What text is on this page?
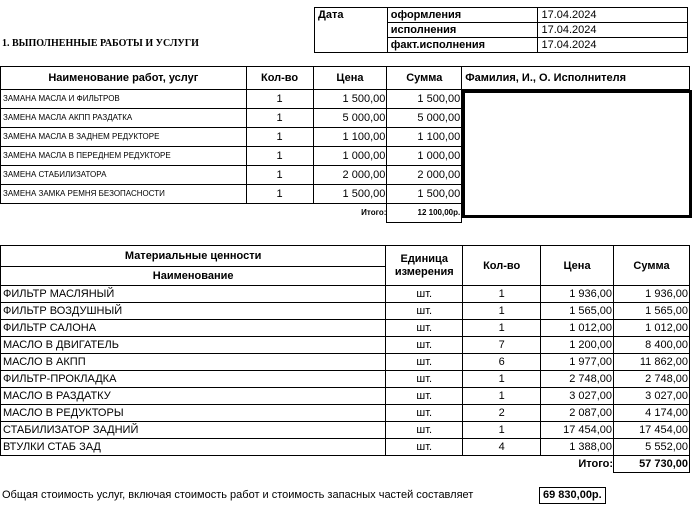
Дата	оформления	17.04.2024
	исполнения	17.04.2024
	факт.исполнения	17.04.2024
1. ВЫПОЛНЕННЫЕ РАБОТЫ И УСЛУГИ
Наименование работ, услуг	Кол-во	Цена	Сумма	Фамилия, И., О. Исполнителя
ЗАМАНА МАСЛА И ФИЛЬТРОВ	1	1 500,00	1 500,00	
ЗАМЕНА МАСЛА АКПП РАЗДАТКА	1	5 000,00	5 000,00	
ЗАМЕНА МАСЛА В ЗАДНЕМ РЕДУКТОРЕ	1	1 100,00	1 100,00	
ЗАМЕНА МАСЛА В ПЕРЕДНЕМ РЕДУКТОРЕ	1	1 000,00	1 000,00	
ЗАМЕНА СТАБИЛИЗАТОРА	1	2 000,00	2 000,00	
ЗАМЕНА ЗАМКА РЕМНЯ БЕЗОПАСНОСТИ	1	1 500,00	1 500,00	
		Итого:	12 100,00р.	
Материальные ценности	Единица измерения	Кол-во	Цена	Сумма
Наименование				
ФИЛЬТР МАСЛЯНЫЙ	шт.	1	1 936,00	1 936,00
ФИЛЬТР ВОЗДУШНЫЙ	шт.	1	1 565,00	1 565,00
ФИЛЬТР САЛОНА	шт.	1	1 012,00	1 012,00
МАСЛО В ДВИГАТЕЛЬ	шт.	7	1 200,00	8 400,00
МАСЛО В АКПП	шт.	6	1 977,00	11 862,00
ФИЛЬТР-ПРОКЛАДКА	шт.	1	2 748,00	2 748,00
МАСЛО В РАЗДАТКУ	шт.	1	3 027,00	3 027,00
МАСЛО В РЕДУКТОРЫ	шт.	2	2 087,00	4 174,00
СТАБИЛИЗАТОР ЗАДНИЙ	шт.	1	17 454,00	17 454,00
ВТУЛКИ СТАБ ЗАД	шт.	4	1 388,00	5 552,00
			Итого:	57 730,00
Общая стоимость услуг, включая стоимость работ и стоимость запасных частей составляет	69 830,00р.
